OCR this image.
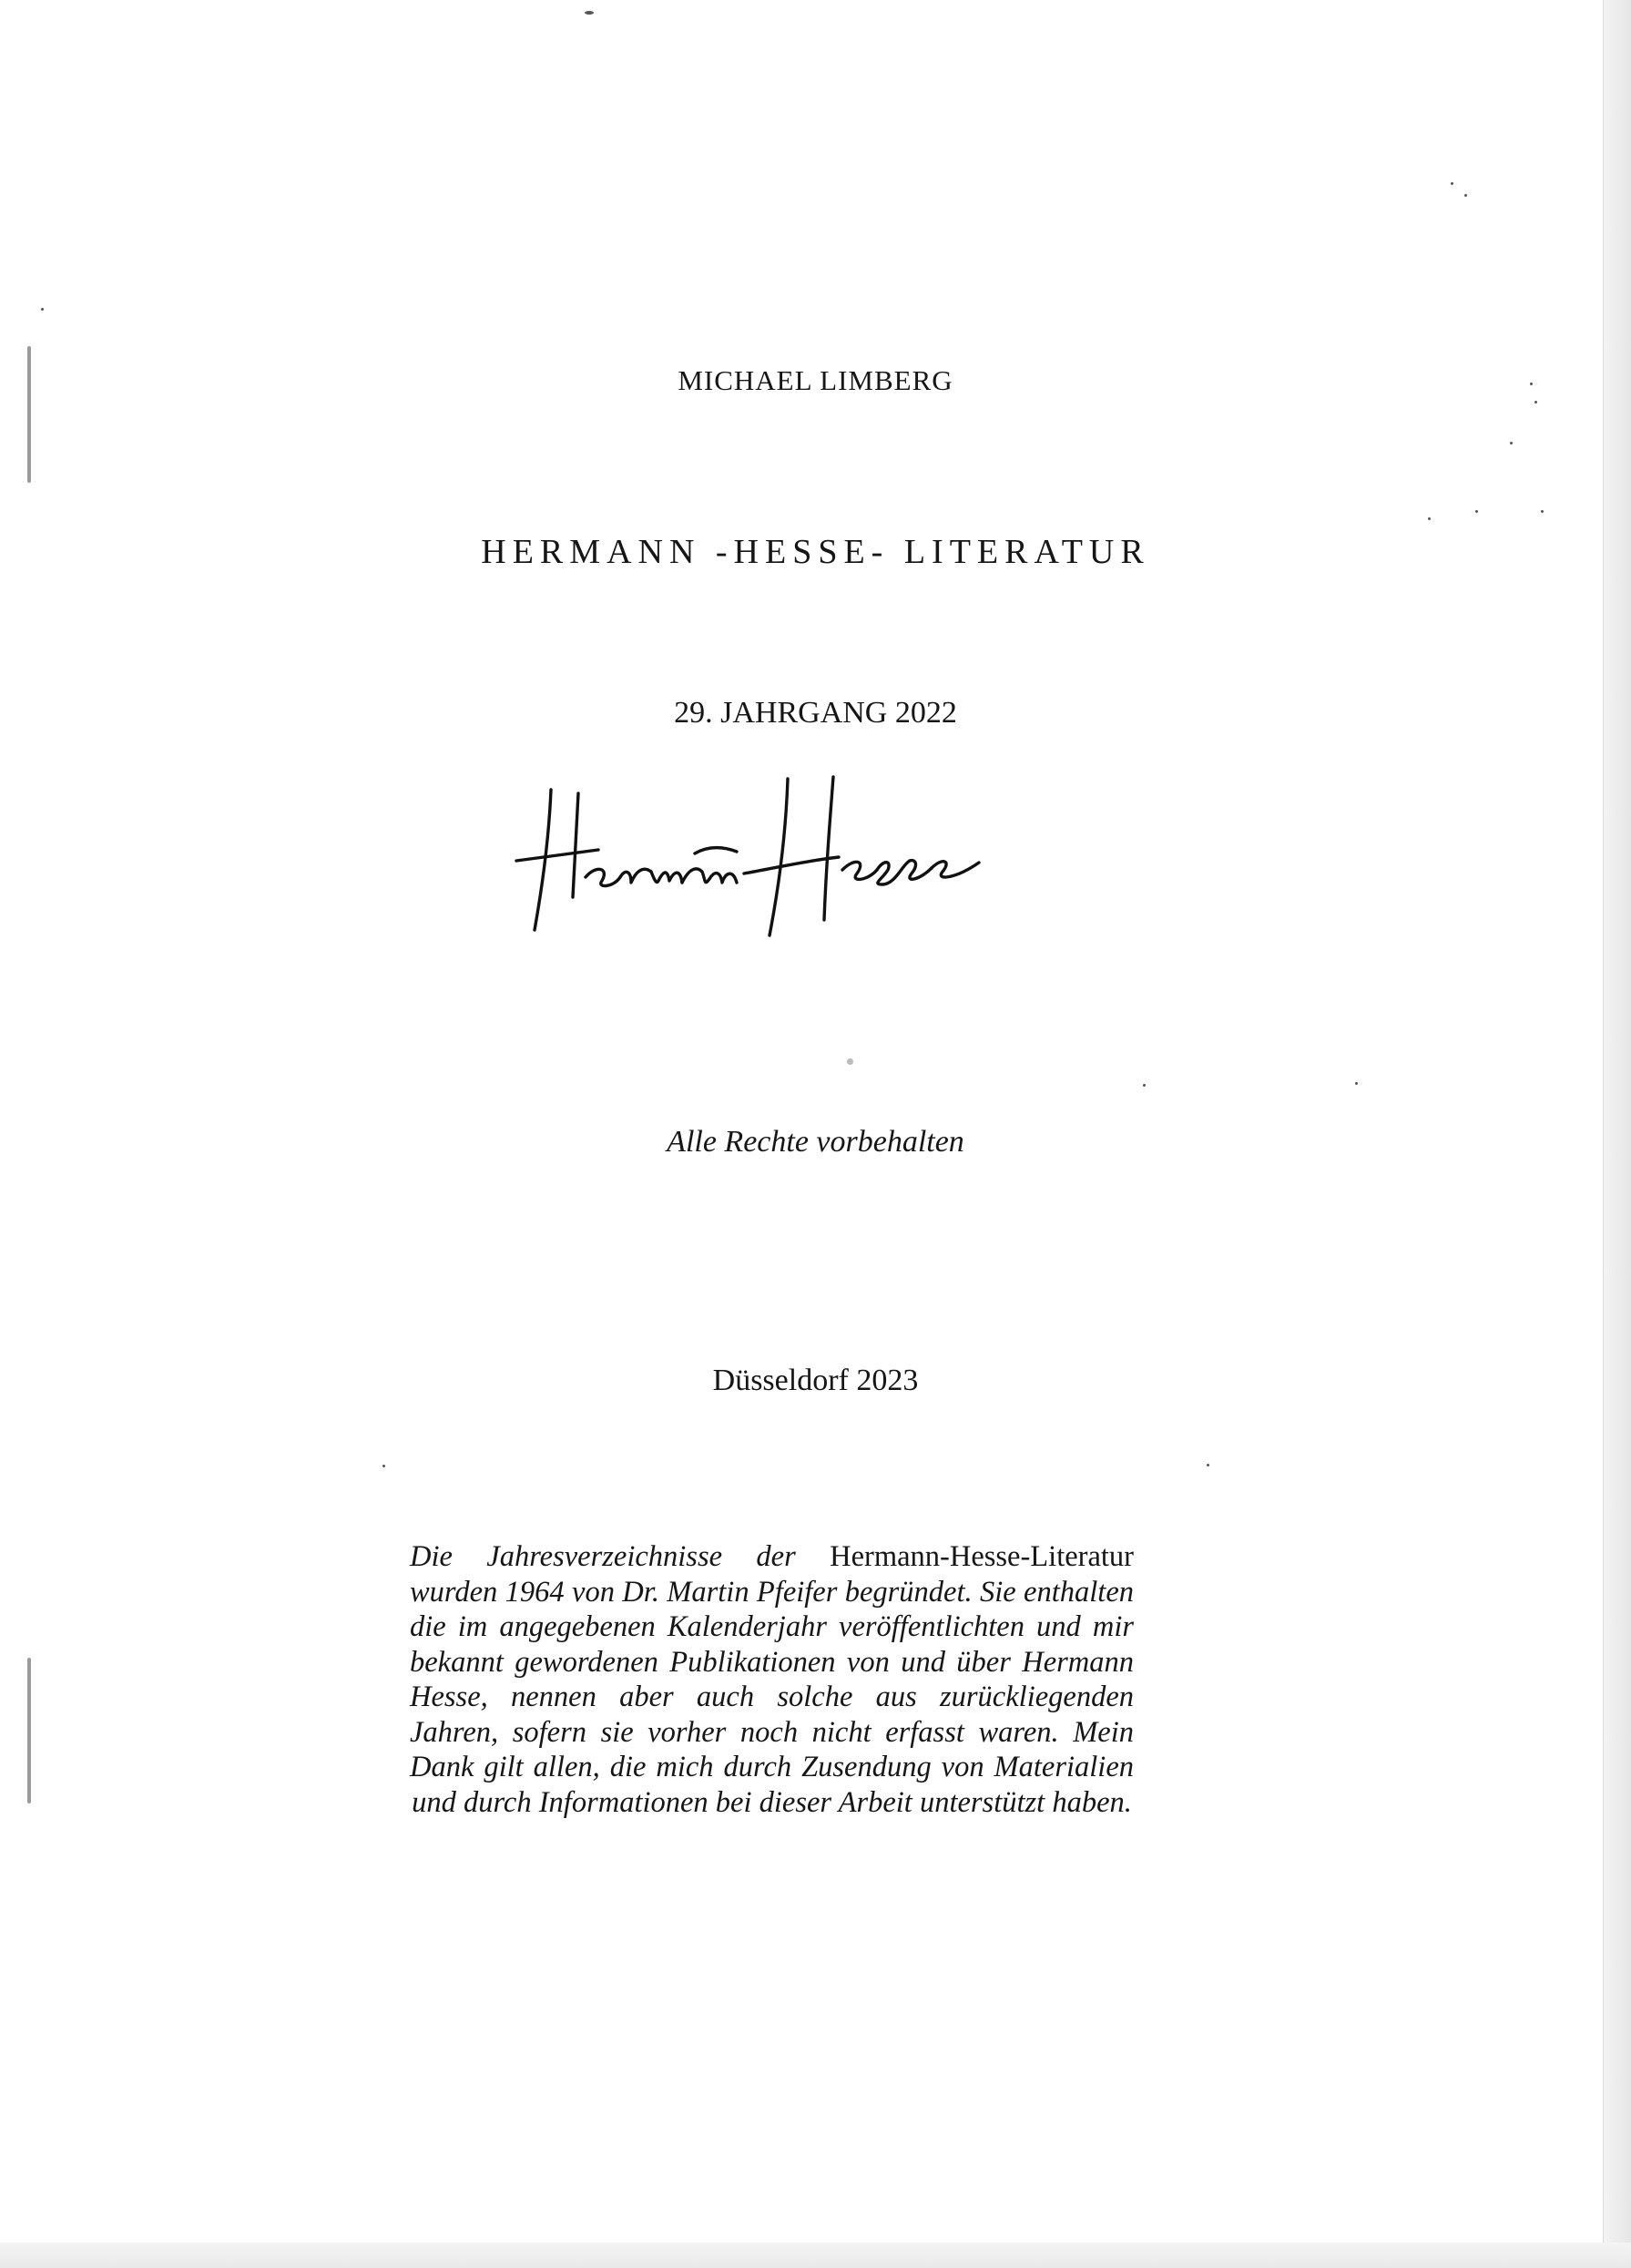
MICHAEL LIMBERG
HERMANN -HESSE- LITERATUR
29. JAHRGANG 2022
Alle Rechte vorbehalten
Düsseldorf 2023
Die Jahresverzeichnisse der Hermann-Hesse-Literatur wurden 1964 von Dr. Martin Pfeifer begründet. Sie enthalten die im angegebenen Kalenderjahr veröffentlichten und mir bekannt gewordenen Publikationen von und über Hermann Hesse, nennen aber auch solche aus zurückliegenden Jahren, sofern sie vorher noch nicht erfasst waren. Mein Dank gilt allen, die mich durch Zusendung von Materialien und durch Informationen bei dieser Arbeit unterstützt haben.
